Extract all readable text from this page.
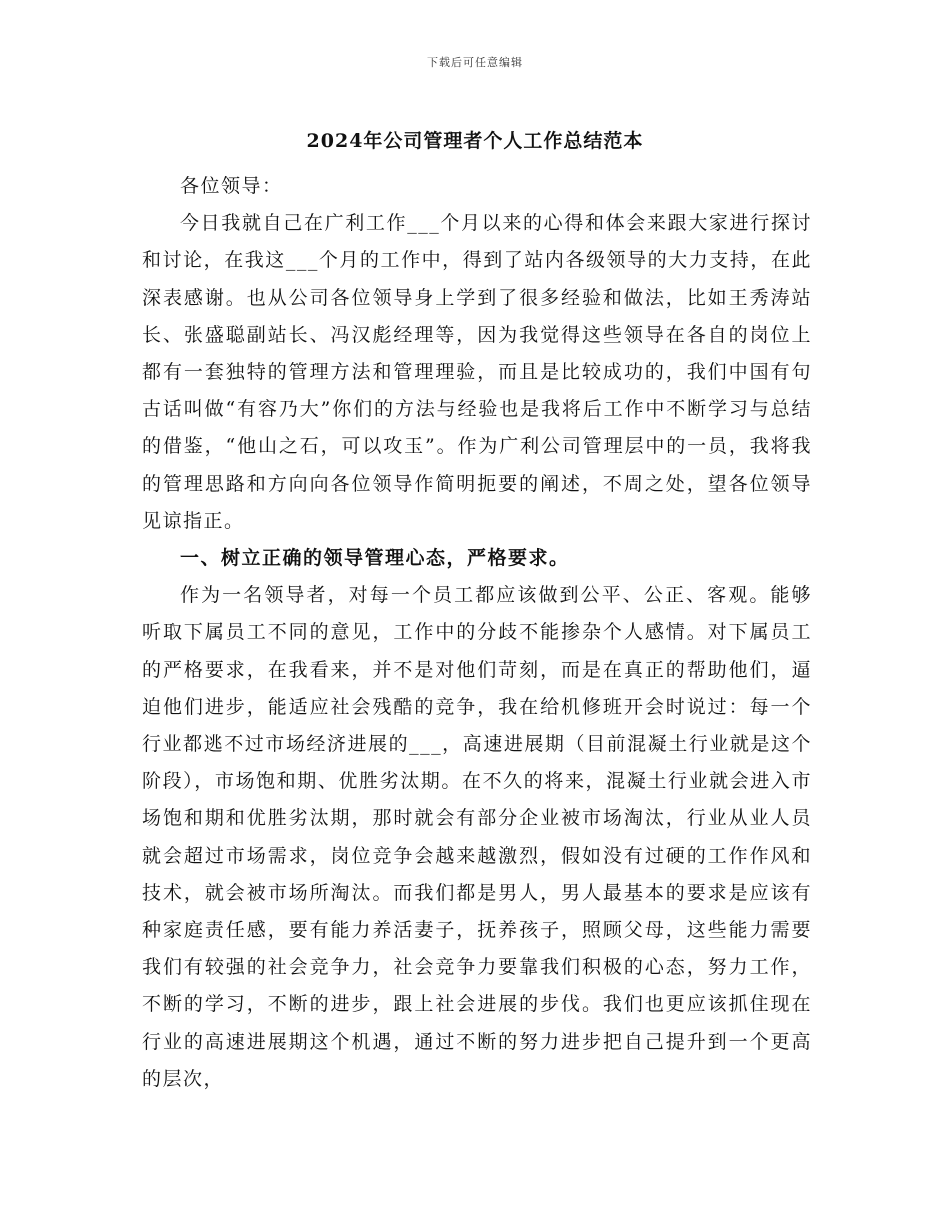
下载后可任意编辑
2024年公司管理者个人工作总结范本

各位领导：

今日我就自己在广利工作___个月以来的心得和体会来跟大家进行探讨和讨论，在我这___个月的工作中，得到了站内各级领导的大力支持，在此深表感谢。也从公司各位领导身上学到了很多经验和做法，比如王秀涛站长、张盛聪副站长、冯汉彪经理等，因为我觉得这些领导在各自的岗位上都有一套独特的管理方法和管理理验，而且是比较成功的，我们中国有句古话叫做“有容乃大”你们的方法与经验也是我将后工作中不断学习与总结的借鉴，“他山之石，可以攻玉”。作为广利公司管理层中的一员，我将我的管理思路和方向向各位领导作简明扼要的阐述，不周之处，望各位领导见谅指正。

一、树立正确的领导管理心态，严格要求。

作为一名领导者，对每一个员工都应该做到公平、公正、客观。能够听取下属员工不同的意见，工作中的分歧不能掺杂个人感情。对下属员工的严格要求，在我看来，并不是对他们苛刻，而是在真正的帮助他们，逼迫他们进步，能适应社会残酷的竞争，我在给机修班开会时说过：每一个行业都逃不过市场经济进展的___，高速进展期（目前混凝土行业就是这个阶段），市场饱和期、优胜劣汰期。在不久的将来，混凝土行业就会进入市场饱和期和优胜劣汰期，那时就会有部分企业被市场淘汰，行业从业人员就会超过市场需求，岗位竞争会越来越激烈，假如没有过硬的工作作风和技术，就会被市场所淘汰。而我们都是男人，男人最基本的要求是应该有种家庭责任感，要有能力养活妻子，抚养孩子，照顾父母，这些能力需要我们有较强的社会竞争力，社会竞争力要靠我们积极的心态，努力工作，不断的学习，不断的进步，跟上社会进展的步伐。我们也更应该抓住现在行业的高速进展期这个机遇，通过不断的努力进步把自己提升到一个更高的层次，
